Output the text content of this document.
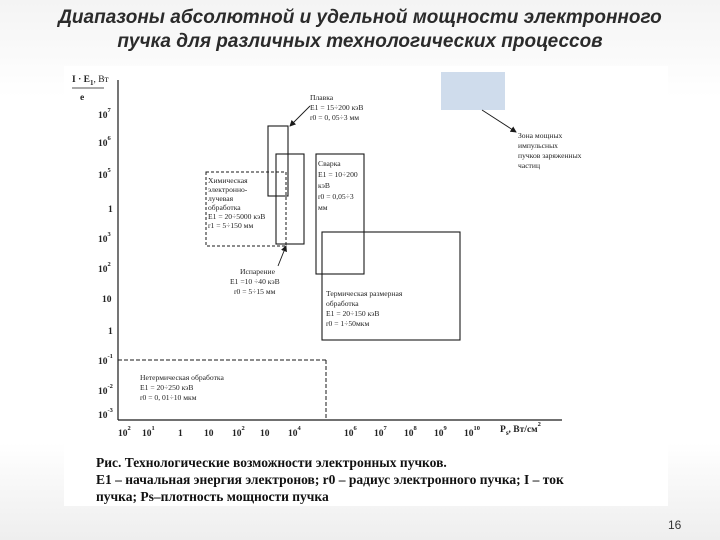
Диапазоны абсолютной и удельной мощности электронного
пучка для различных технологических процессов
$I \cdot E_1$, Вт
e
$10^7$
$10^6$
$10^5$
1
$10^3$
$10^2$
10
1
$10^{-1}$
$10^{-2}$
$10^{-3}$
$10^2$
$10^1$
1 10 $10^2$
10 $10^4$
$10^6$
$10^7$
$10^8$
$10^9$
$10^{10}$ $P_s$, $Вт/см^2$
Зона мощных
импульсных
пучков заряженных
частиц
Химическая
электронно-
лучевая
обработка
E1 = 20÷5000 кэВ
r1 = 5÷150 мм
Плавка
E1 = 15÷200 кэВ
r0 = 0, 05÷3 мм
Испарение
E1 =10 ÷40 кэВ
r0 = 5÷15 мм
Сварка
E1 = 10÷200
кэВ
r0 = 0,05÷3
мм
Термическая размерная
обработка
E1 = 20÷150 кэВ
r0 = 1÷50мкм
Нетермическая обработка
E1 = 20÷250 кэВ
r0 = 0, 01÷10 мкм
Рис. Технологические возможности электронных пучков.
E1 – начальная энергия электронов; r0 – радиус электронного пучка; I – ток
пучка; Ps–плотность мощности пучка
16
